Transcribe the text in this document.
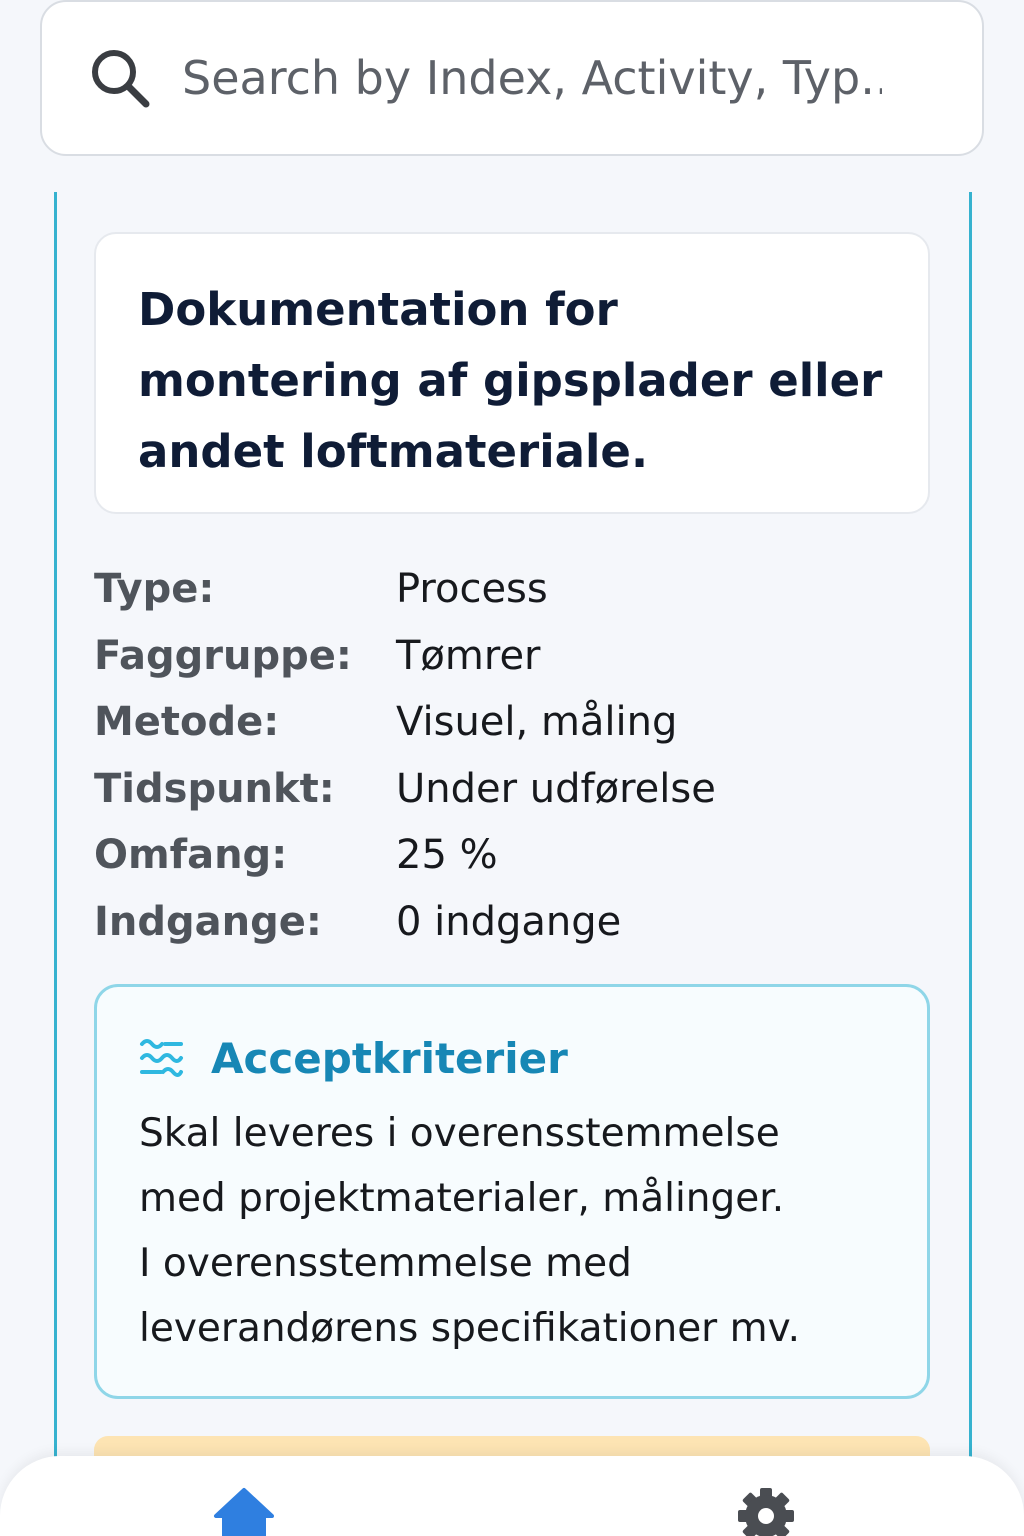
Search by Index, Activity, Typ...
Dokumentation for montering af gipsplader eller andet loftmateriale.
Type:	Process
Faggruppe:	Tømrer
Metode:	Visuel, måling
Tidspunkt:	Under udførelse
Omfang:	25 %
Indgange:	0 indgange
Acceptkriterier

Skal leveres i overensstemmelse

med projektmaterialer, målinger.

I overensstemmelse med

leverandørens specifikationer mv.
